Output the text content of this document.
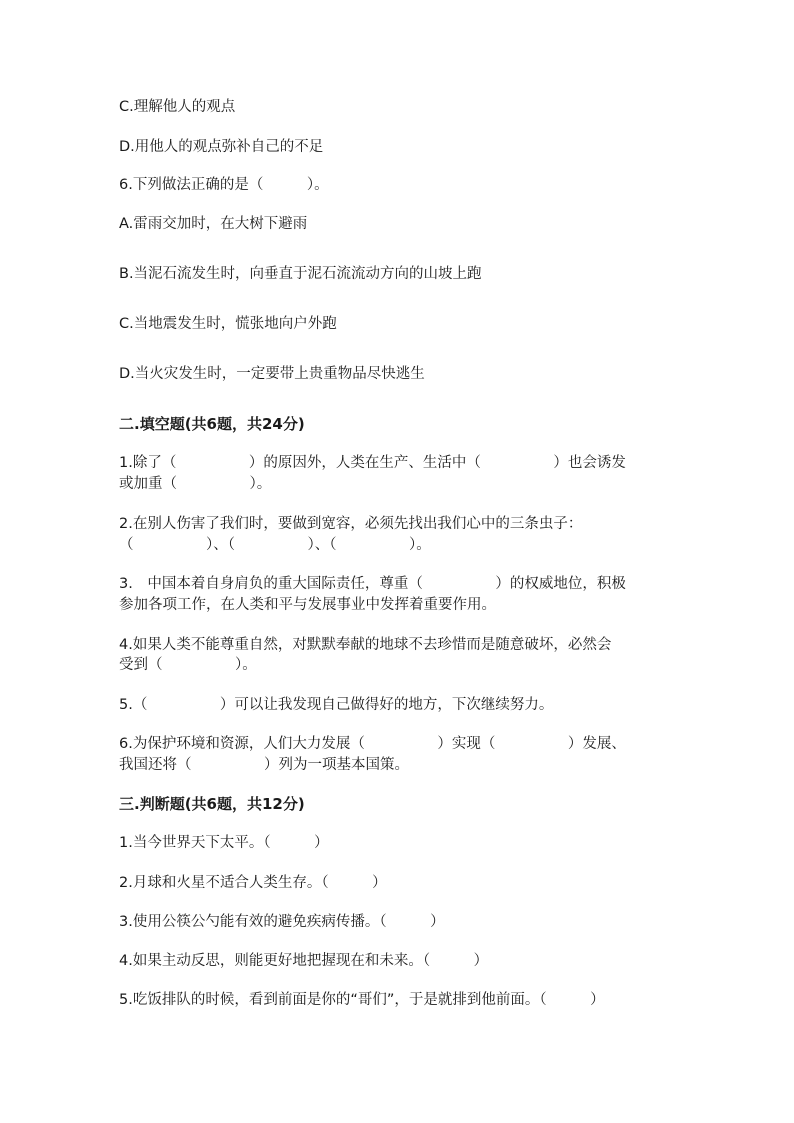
C.理解他人的观点
D.用他人的观点弥补自己的不足
6.下列做法正确的是（　　　）。
A.雷雨交加时，在大树下避雨
B.当泥石流发生时，向垂直于泥石流流动方向的山坡上跑
C.当地震发生时，慌张地向户外跑
D.当火灾发生时，一定要带上贵重物品尽快逃生
二.填空题(共6题，共24分)
1.除了（　　　　　）的原因外，人类在生产、生活中（　　　　　）也会诱发
或加重（　　　　　）。
2.在别人伤害了我们时，要做到宽容，必须先找出我们心中的三条虫子：
（　　　　　）、（　　　　　）、（　　　　　）。
3.　中国本着自身肩负的重大国际责任，尊重（　　　　　）的权威地位，积极
参加各项工作，在人类和平与发展事业中发挥着重要作用。
4.如果人类不能尊重自然，对默默奉献的地球不去珍惜而是随意破坏，必然会
受到（　　　　　）。
5.（　　　　　）可以让我发现自己做得好的地方，下次继续努力。
6.为保护环境和资源，人们大力发展（　　　　　）实现（　　　　　）发展、
我国还将（　　　　　）列为一项基本国策。
三.判断题(共6题，共12分)
1.当今世界天下太平。（　　　）
2.月球和火星不适合人类生存。（　　　）
3.使用公筷公勺能有效的避免疾病传播。（　　　）
4.如果主动反思，则能更好地把握现在和未来。（　　　）
5.吃饭排队的时候，看到前面是你的“哥们”，于是就排到他前面。（　　　）
